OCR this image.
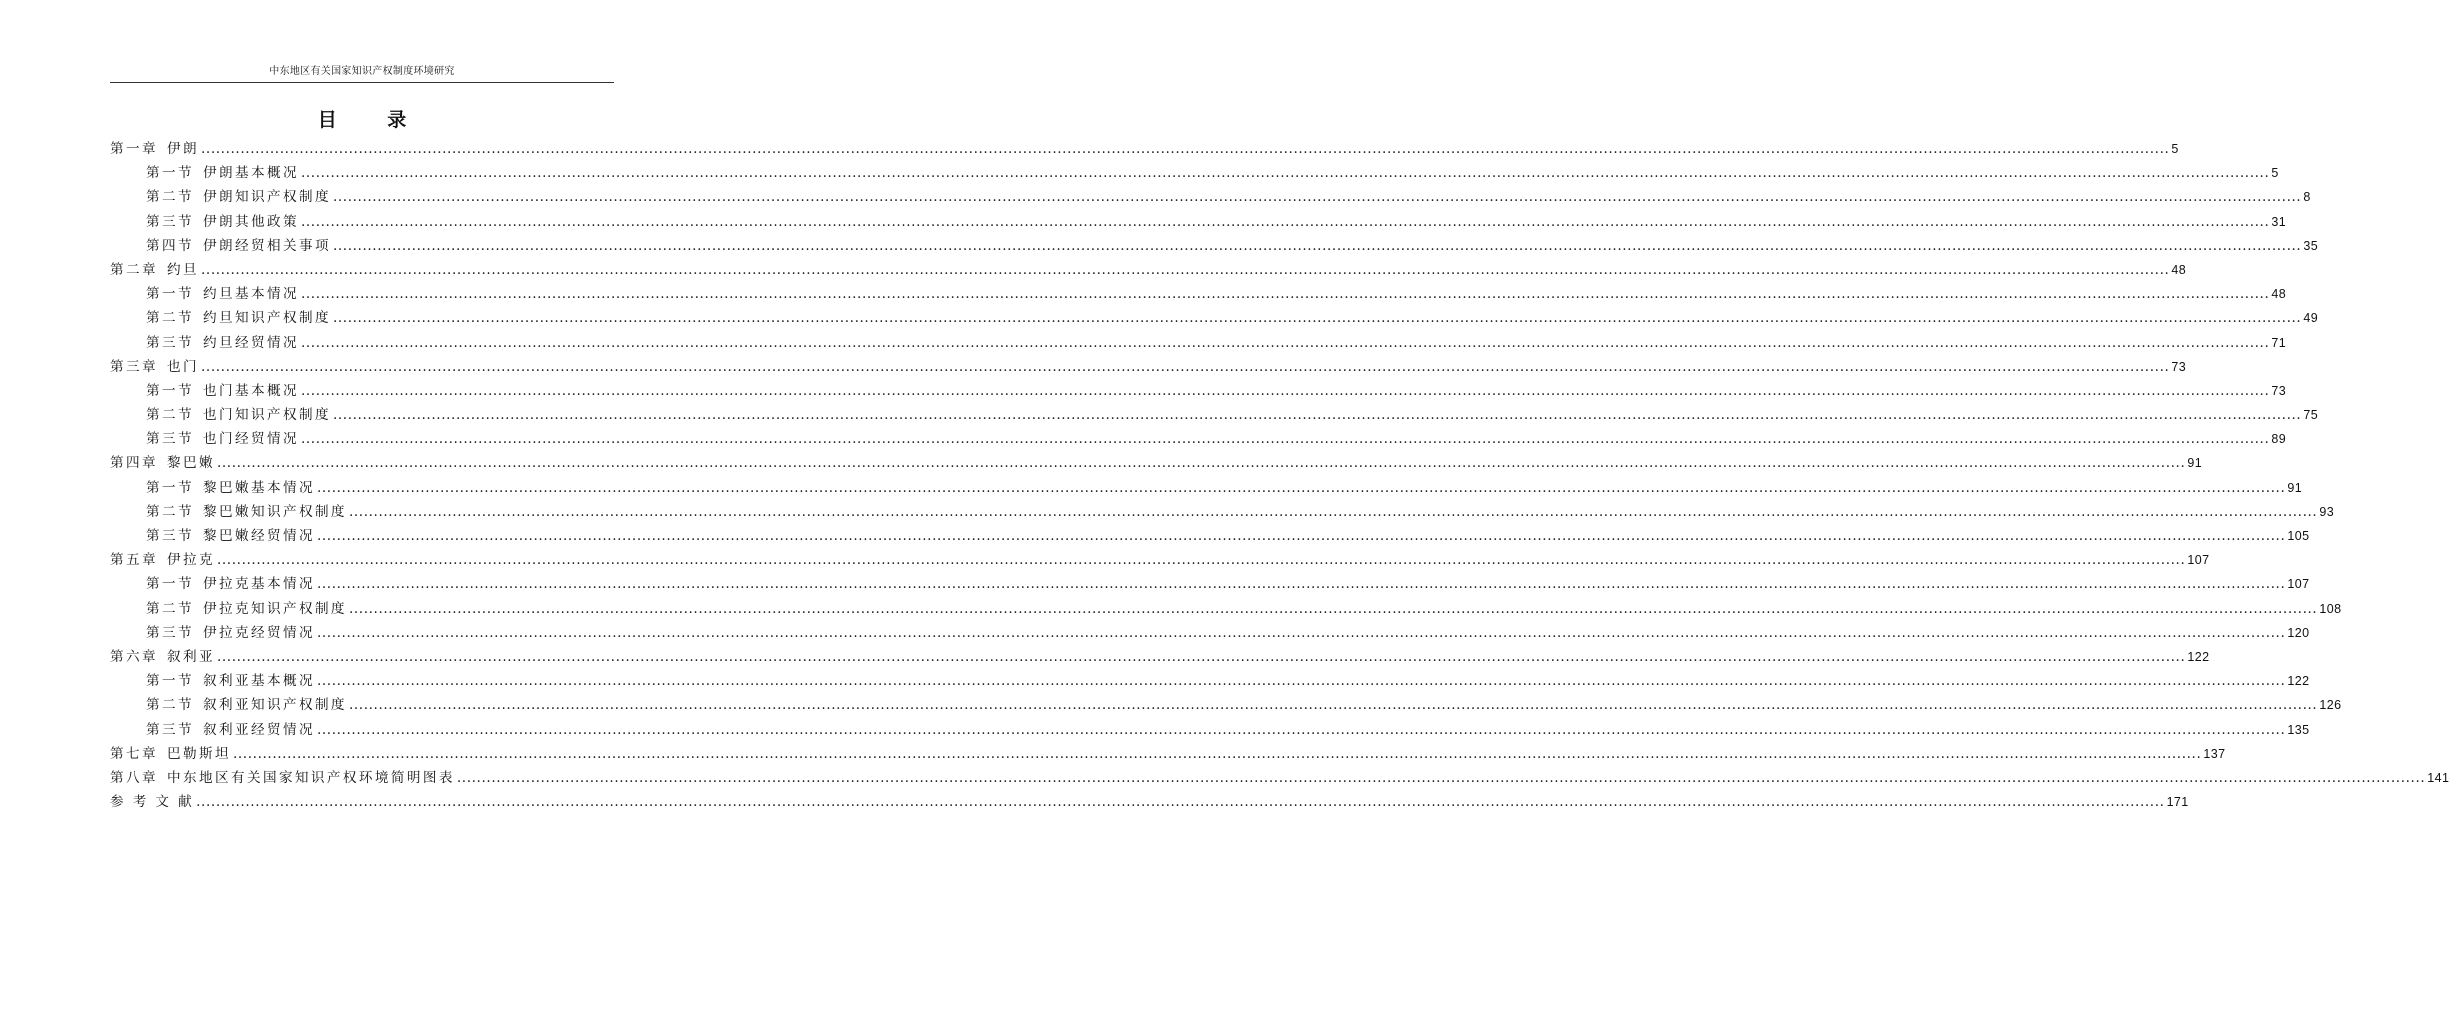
中东地区有关国家知识产权制度环境研究
目 录
第一章 伊朗 ................................................................................................................................................................................................................................................................................................................................................................................................................ 5
第一节 伊朗基本概况 ................................................................................................................................................................................................................................................................................................................................................................................................................ 5
第二节 伊朗知识产权制度 ................................................................................................................................................................................................................................................................................................................................................................................................................ 8
第三节 伊朗其他政策 ................................................................................................................................................................................................................................................................................................................................................................................................................ 31
第四节 伊朗经贸相关事项 ................................................................................................................................................................................................................................................................................................................................................................................................................ 35
第二章 约旦 ................................................................................................................................................................................................................................................................................................................................................................................................................ 48
第一节 约旦基本情况 ................................................................................................................................................................................................................................................................................................................................................................................................................ 48
第二节 约旦知识产权制度 ................................................................................................................................................................................................................................................................................................................................................................................................................ 49
第三节 约旦经贸情况 ................................................................................................................................................................................................................................................................................................................................................................................................................ 71
第三章 也门 ................................................................................................................................................................................................................................................................................................................................................................................................................ 73
第一节 也门基本概况 ................................................................................................................................................................................................................................................................................................................................................................................................................ 73
第二节 也门知识产权制度 ................................................................................................................................................................................................................................................................................................................................................................................................................ 75
第三节 也门经贸情况 ................................................................................................................................................................................................................................................................................................................................................................................................................ 89
第四章 黎巴嫩 ................................................................................................................................................................................................................................................................................................................................................................................................................ 91
第一节 黎巴嫩基本情况 ................................................................................................................................................................................................................................................................................................................................................................................................................ 91
第二节 黎巴嫩知识产权制度 ................................................................................................................................................................................................................................................................................................................................................................................................................ 93
第三节 黎巴嫩经贸情况 ................................................................................................................................................................................................................................................................................................................................................................................................................ 105
第五章 伊拉克 ................................................................................................................................................................................................................................................................................................................................................................................................................ 107
第一节 伊拉克基本情况 ................................................................................................................................................................................................................................................................................................................................................................................................................ 107
第二节 伊拉克知识产权制度 ................................................................................................................................................................................................................................................................................................................................................................................................................ 108
第三节 伊拉克经贸情况 ................................................................................................................................................................................................................................................................................................................................................................................................................ 120
第六章 叙利亚 ................................................................................................................................................................................................................................................................................................................................................................................................................ 122
第一节 叙利亚基本概况 ................................................................................................................................................................................................................................................................................................................................................................................................................ 122
第二节 叙利亚知识产权制度 ................................................................................................................................................................................................................................................................................................................................................................................................................ 126
第三节 叙利亚经贸情况 ................................................................................................................................................................................................................................................................................................................................................................................................................ 135
第七章 巴勒斯坦 ................................................................................................................................................................................................................................................................................................................................................................................................................ 137
第八章 中东地区有关国家知识产权环境简明图表 ................................................................................................................................................................................................................................................................................................................................................................................................................ 141
参 考 文 献 ................................................................................................................................................................................................................................................................................................................................................................................................................ 171
